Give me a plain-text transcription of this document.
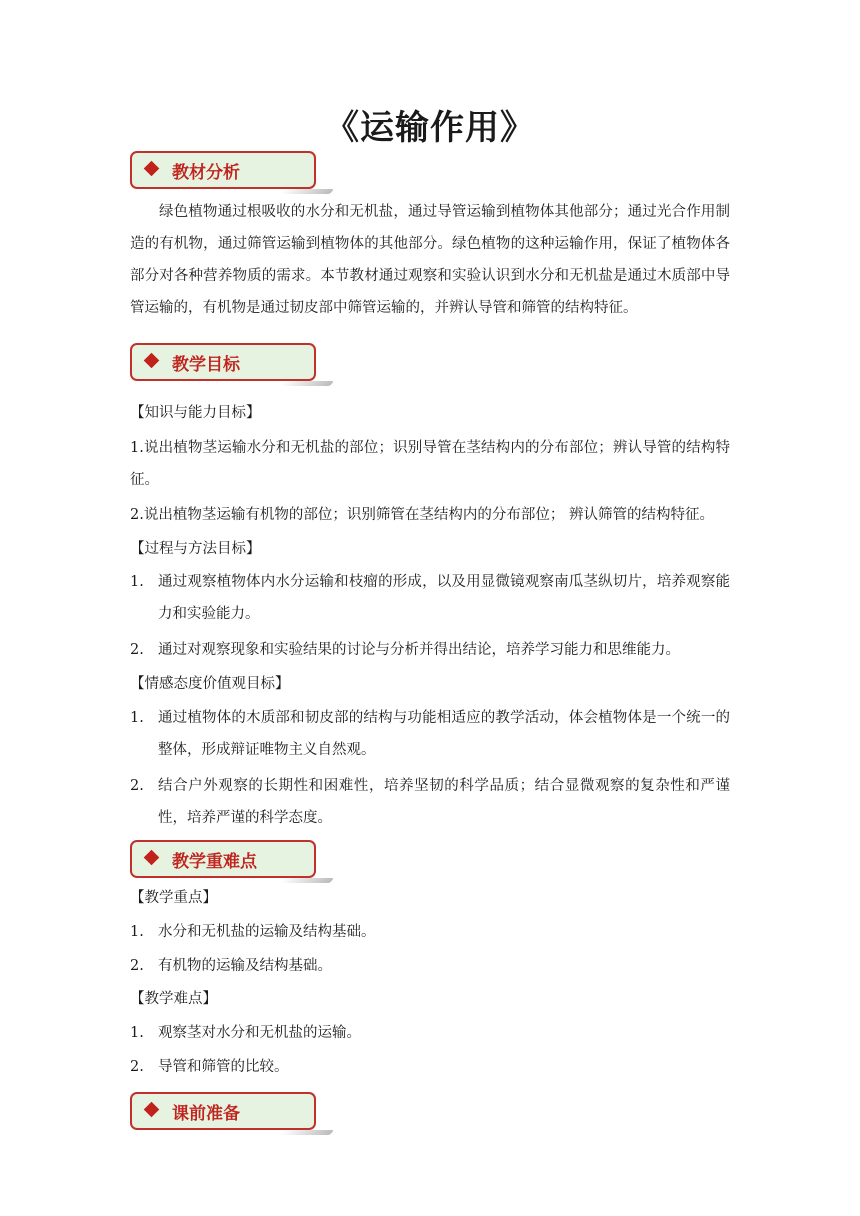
《运输作用》
教材分析

绿色植物通过根吸收的水分和无机盐，通过导管运输到植物体其他部分；通过光合作用制造的有机物，通过筛管运输到植物体的其他部分。绿色植物的这种运输作用，保证了植物体各部分对各种营养物质的需求。本节教材通过观察和实验认识到水分和无机盐是通过木质部中导管运输的，有机物是通过韧皮部中筛管运输的，并辨认导管和筛管的结构特征。

教学目标
【知识与能力目标】
1.说出植物茎运输水分和无机盐的部位；识别导管在茎结构内的分布部位；辨认导管的结构特征。
2.说出植物茎运输有机物的部位；识别筛管在茎结构内的分布部位； 辨认筛管的结构特征。
【过程与方法目标】
1. 通过观察植物体内水分运输和枝瘤的形成，以及用显微镜观察南瓜茎纵切片，培养观察能力和实验能力。
2. 通过对观察现象和实验结果的讨论与分析并得出结论，培养学习能力和思维能力。
【情感态度价值观目标】
1. 通过植物体的木质部和韧皮部的结构与功能相适应的教学活动，体会植物体是一个统一的整体，形成辩证唯物主义自然观。
2. 结合户外观察的长期性和困难性，培养坚韧的科学品质；结合显微观察的复杂性和严谨性，培养严谨的科学态度。
教学重难点
【教学重点】
1. 水分和无机盐的运输及结构基础。
2. 有机物的运输及结构基础。
【教学难点】
1. 观察茎对水分和无机盐的运输。
2. 导管和筛管的比较。
课前准备
